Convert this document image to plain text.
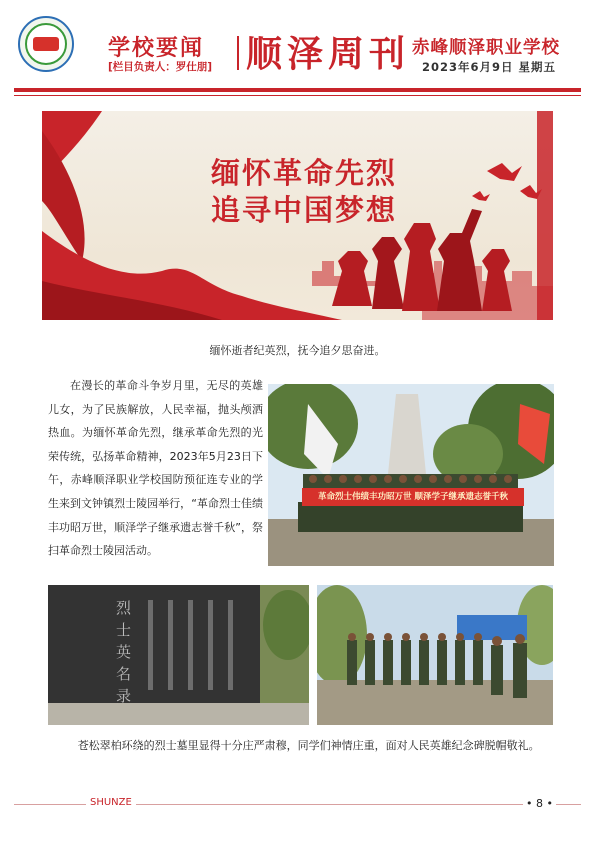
学校要闻
[栏目负责人：罗仕朋] 顺泽周刊 赤峰顺泽职业学校
2023年6月9日 星期五
缅怀革命先烈
追寻中国梦想
缅怀逝者纪英烈，抚今追夕思奋进。

在漫长的革命斗争岁月里，无尽的英雄儿女，为了民族解放，人民幸福，抛头颅洒热血。为缅怀革命先烈，继承革命先烈的光荣传统，弘扬革命精神，2023年5月23日下午，赤峰顺泽职业学校国防预征连专业的学生来到文钟镇烈士陵园举行，“革命烈士佳绩丰功昭万世，顺泽学子继承遗志誉千秋”，祭扫革命烈士陵园活动。

革命烈士伟绩丰功昭万世 顺泽学子继承遗志誉千秋
烈士英名录

苍松翠柏环绕的烈士墓里显得十分庄严肃穆，同学们神情庄重，面对人民英雄纪念碑脱帽敬礼。

SHUNZE	• 8 •
